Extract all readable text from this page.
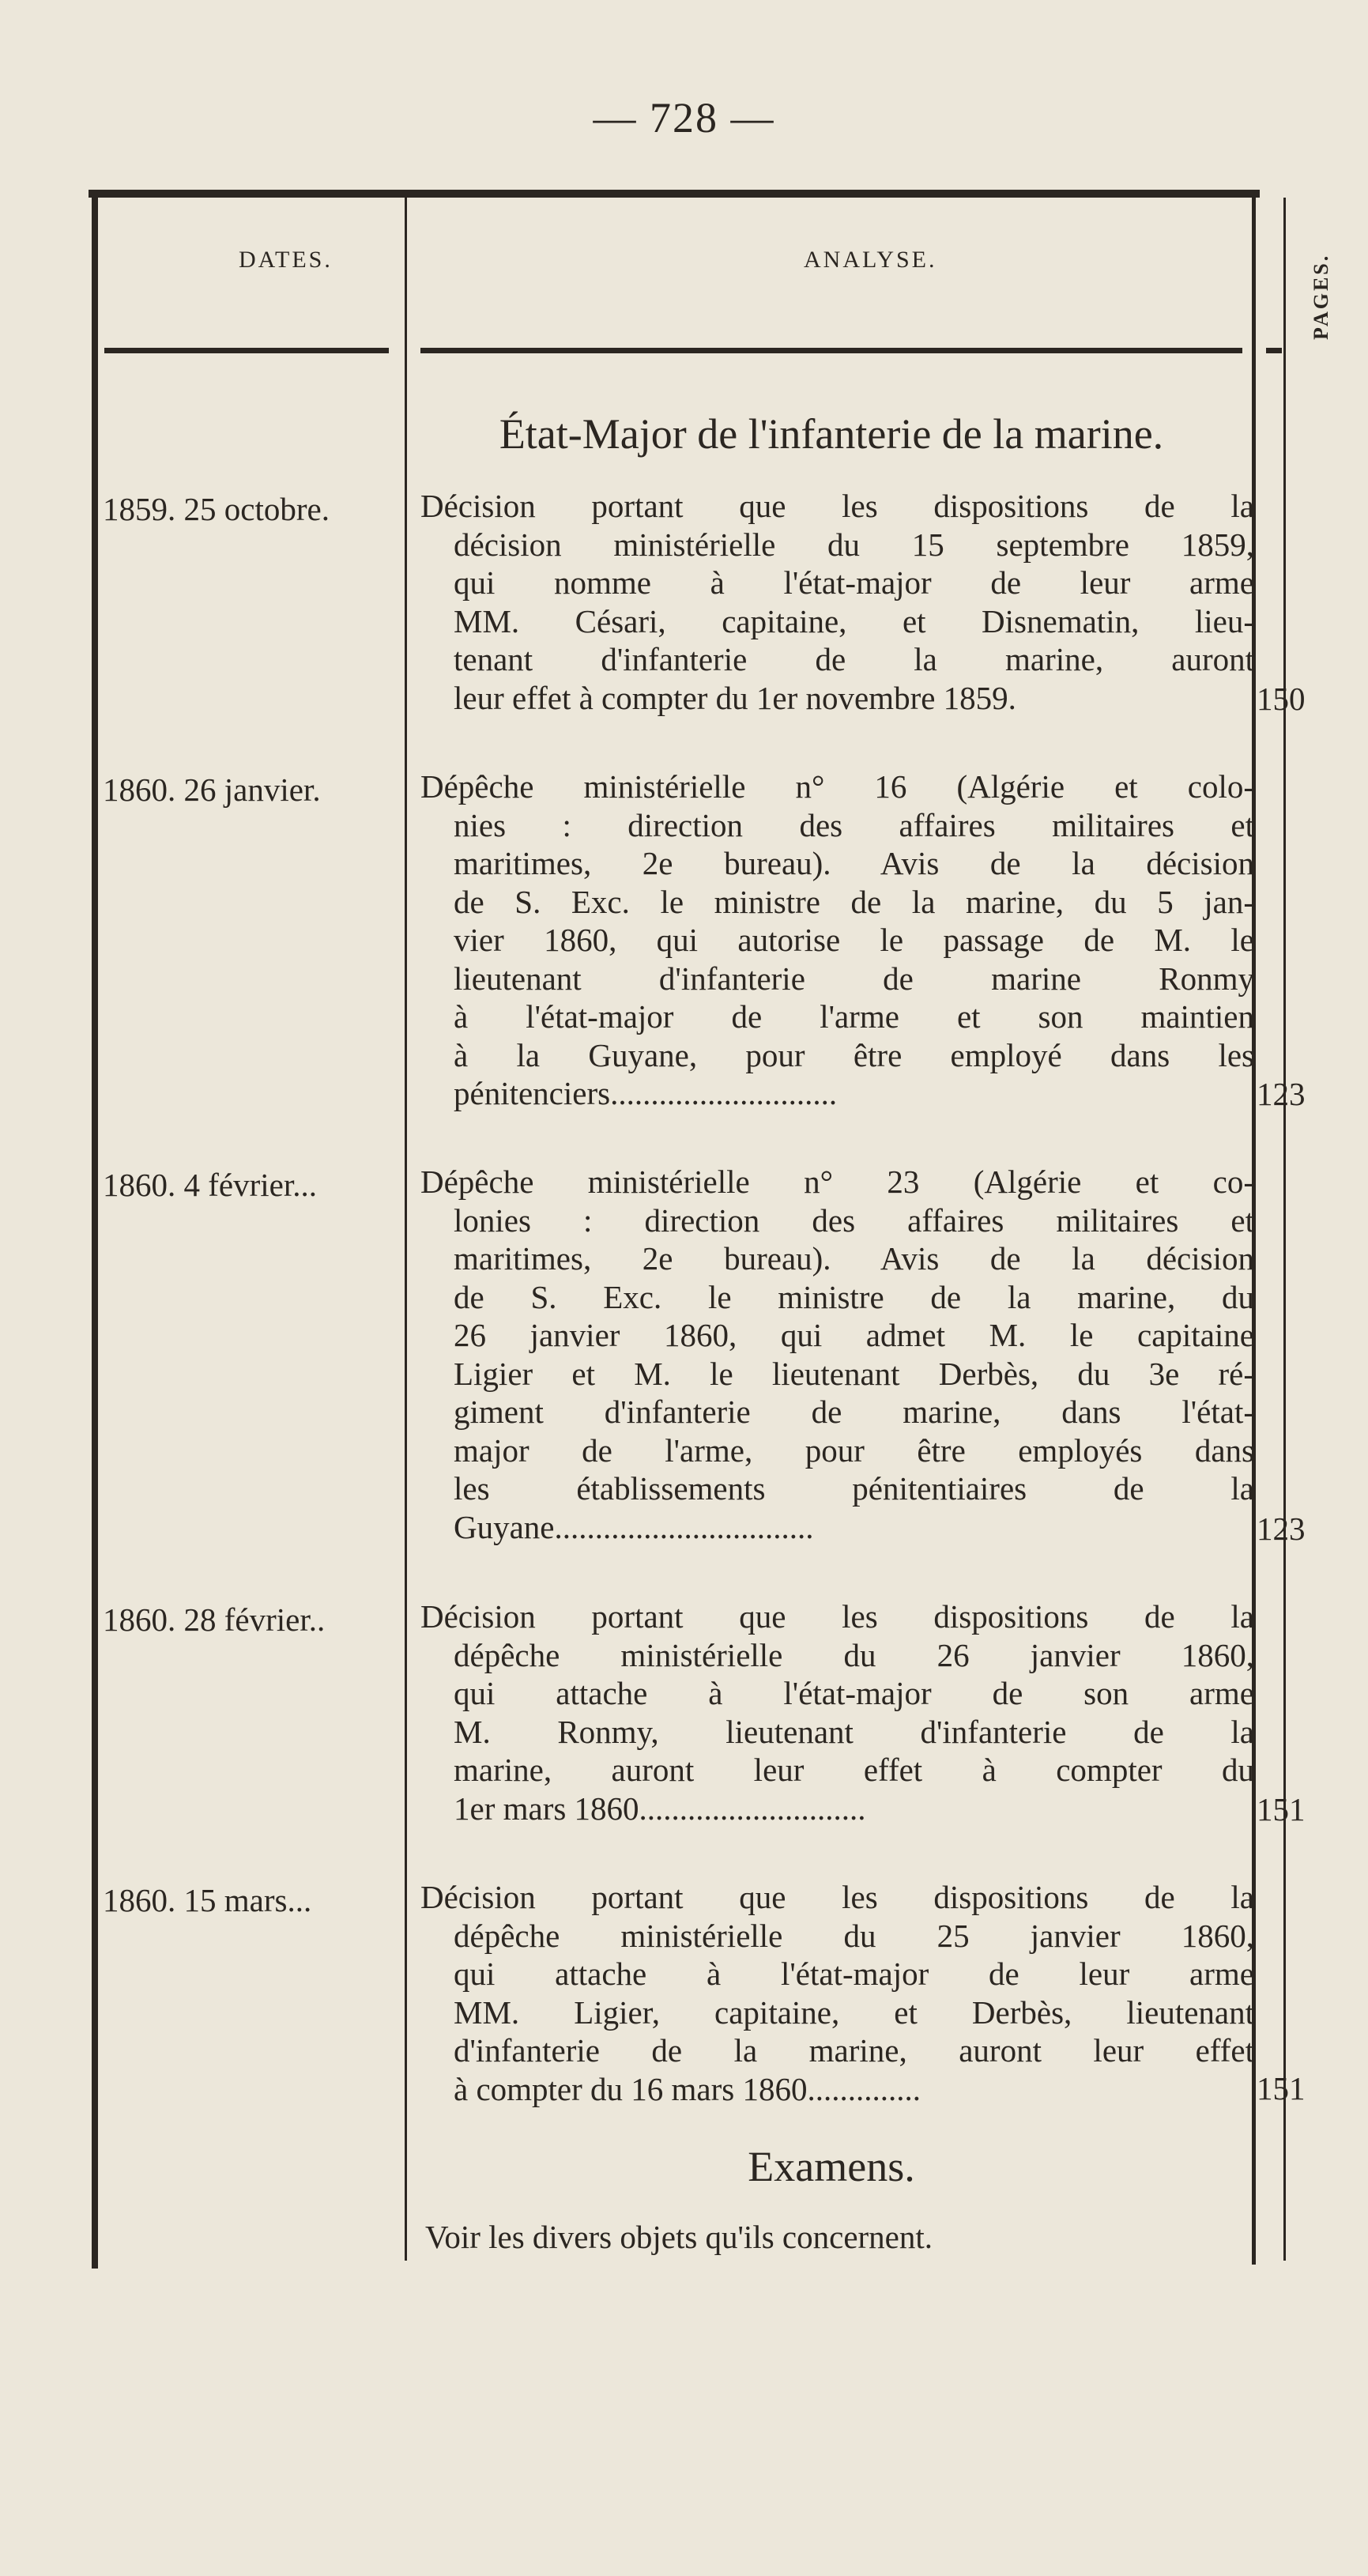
— 728 —
DATES.	ANALYSE.	PAGES.
État-Major de l'infanterie de la marine.
1859. 25 octobre.	Décision portant que les dispositions de la
décision ministérielle du 15 septembre 1859,
qui nomme à l'état-major de leur arme
MM. Césari, capitaine, et Disnematin, lieu-
tenant d'infanterie de la marine, auront
leur effet à compter du 1er novembre 1859.	150
1860. 26 janvier.	Dépêche ministérielle n° 16 (Algérie et colo-
nies : direction des affaires militaires et
maritimes, 2e bureau). Avis de la décision
de S. Exc. le ministre de la marine, du 5 jan-
vier 1860, qui autorise le passage de M. le
lieutenant d'infanterie de marine Ronmy
à l'état-major de l'arme et son maintien
à la Guyane, pour être employé dans les
pénitenciers............................	123
1860. 4 février...	Dépêche ministérielle n° 23 (Algérie et co-
lonies : direction des affaires militaires et
maritimes, 2e bureau). Avis de la décision
de S. Exc. le ministre de la marine, du
26 janvier 1860, qui admet M. le capitaine
Ligier et M. le lieutenant Derbès, du 3e ré-
giment d'infanterie de marine, dans l'état-
major de l'arme, pour être employés dans
les établissements pénitentiaires de la
Guyane................................	123
1860. 28 février..	Décision portant que les dispositions de la
dépêche ministérielle du 26 janvier 1860,
qui attache à l'état-major de son arme
M. Ronmy, lieutenant d'infanterie de la
marine, auront leur effet à compter du
1er mars 1860............................	151
1860. 15 mars...	Décision portant que les dispositions de la
dépêche ministérielle du 25 janvier 1860,
qui attache à l'état-major de leur arme
MM. Ligier, capitaine, et Derbès, lieutenant
d'infanterie de la marine, auront leur effet
à compter du 16 mars 1860..............	151
Examens.
Voir les divers objets qu'ils concernent.
